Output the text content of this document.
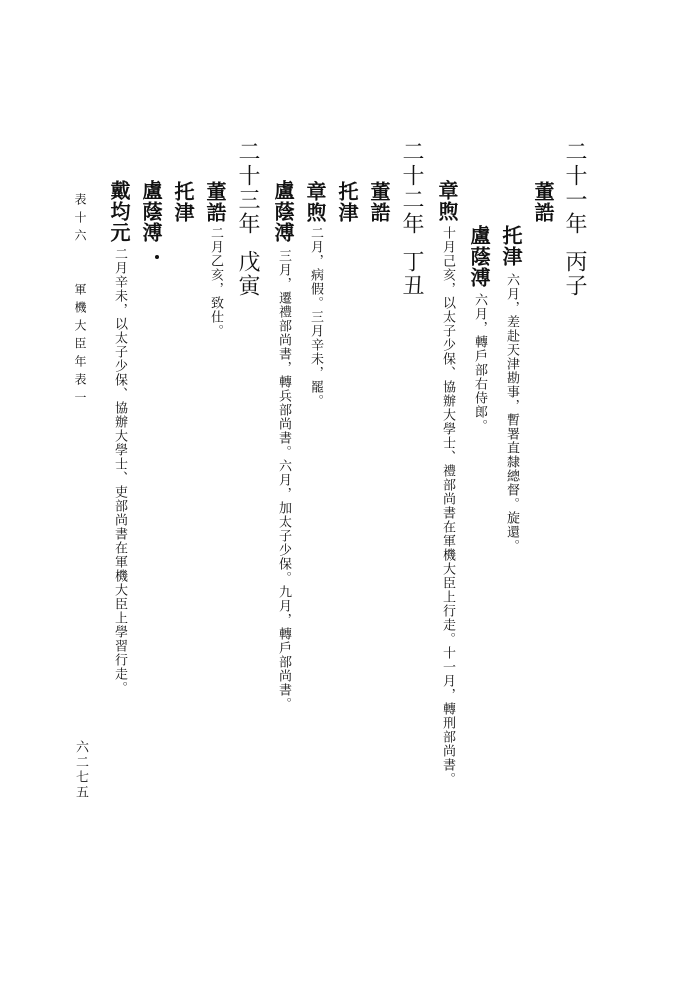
二十一年丙子
董誥
托津
六月，差赴天津勘事，暫署直隸總督。旋還。
盧蔭溥
六月，轉戶部右侍郎。
章煦
十月己亥，以太子少保、協辦大學士、禮部尚書在軍機大臣上行走。十一月，轉刑部尚書。
二十二年丁丑
董誥
托津
章煦
二月，病假。三月辛未，罷。
盧蔭溥
三月，遷禮部尚書，轉兵部尚書。六月，加太子少保。九月，轉戶部尚書。
二十三年戊寅
董誥
二月乙亥，致仕。
托津
盧蔭溥
戴均元
二月辛未，以太子少保、協辦大學士、吏部尚書在軍機大臣上學習行走。
表十六
軍機大臣年表一
六二七五
